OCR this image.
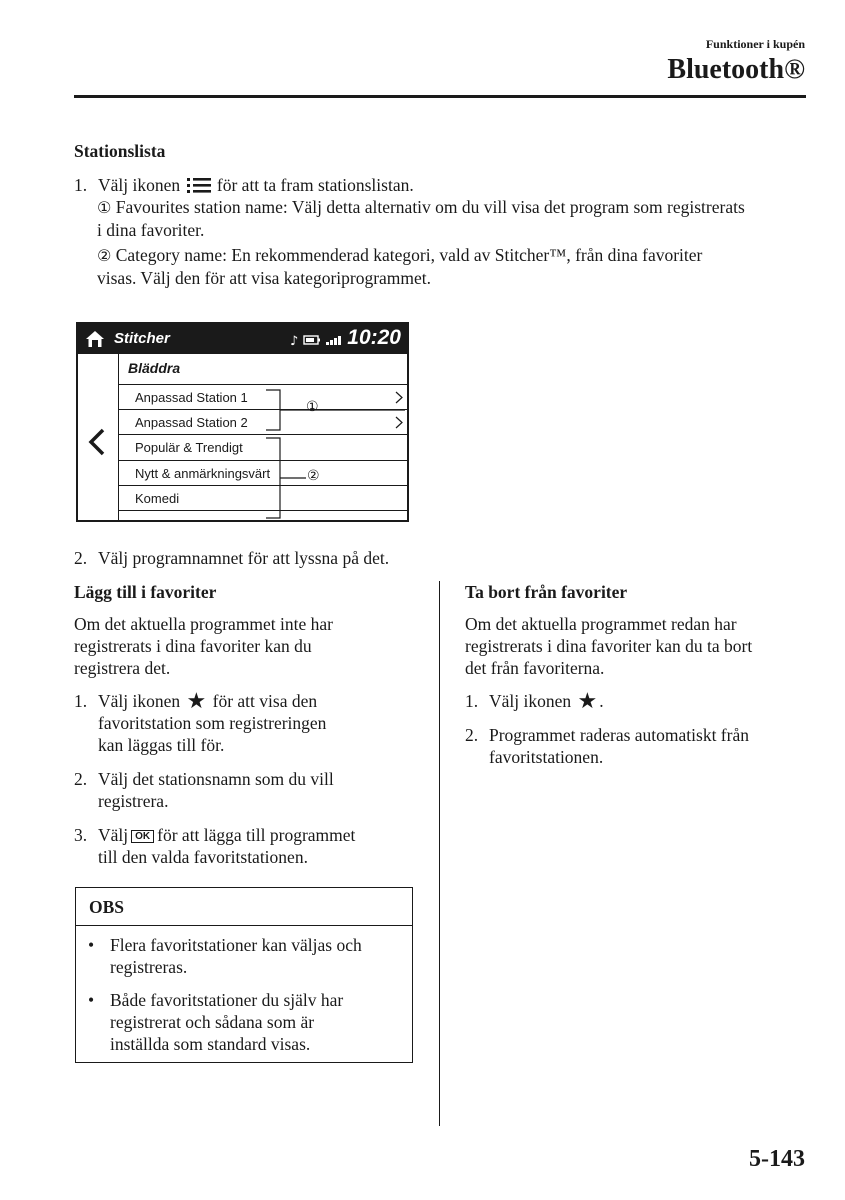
Funktioner i kupén
Bluetooth®
Stationslista
1. Välj ikonen för att ta fram stationslistan.
① Favourites station name: Välj detta alternativ om du vill visa det program som registrerats
i dina favoriter.
② Category name: En rekommenderad kategori, vald av Stitcher™, från dina favoriter
visas. Välj den för att visa kategoriprogrammet.
Stitcher	♪ 10:20
Bläddra
Anpassad Station 1
Anpassad Station 2
Populär & Trendigt
Nytt & anmärkningsvärt
Komedi
①
②
2. Välj programnamnet för att lyssna på det.
Lägg till i favoriter
Om det aktuella programmet inte har
registrerats i dina favoriter kan du
registrera det.
1. Välj ikonen ★ för att visa den
favoritstation som registreringen
kan läggas till för.
2. Välj det stationsnamn som du vill
registrera.
3. Välj OK för att lägga till programmet
till den valda favoritstationen.
OBS
• Flera favoritstationer kan väljas och
registreras.
• Både favoritstationer du själv har
registrerat och sådana som är
inställda som standard visas.
Ta bort från favoriter
Om det aktuella programmet redan har
registrerats i dina favoriter kan du ta bort
det från favoriterna.
1. Välj ikonen ★ .
2. Programmet raderas automatiskt från
favoritstationen.
5-143
